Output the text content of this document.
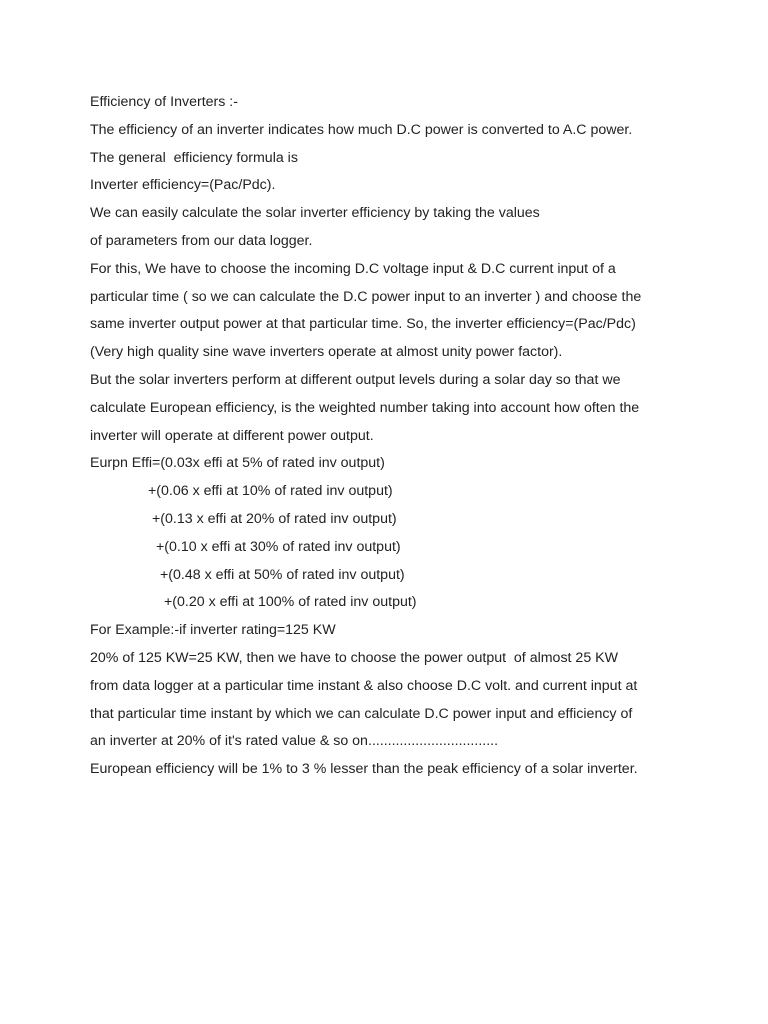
Efficiency of Inverters :-

The efficiency of an inverter indicates how much D.C power is converted to A.C power.

The general  efficiency formula is

Inverter efficiency=(Pac/Pdc).

We can easily calculate the solar inverter efficiency by taking the values

of parameters from our data logger.

For this, We have to choose the incoming D.C voltage input & D.C current input of a

particular time ( so we can calculate the D.C power input to an inverter ) and choose the

same inverter output power at that particular time. So, the inverter efficiency=(Pac/Pdc)

(Very high quality sine wave inverters operate at almost unity power factor).

But the solar inverters perform at different output levels during a solar day so that we

calculate European efficiency, is the weighted number taking into account how often the

inverter will operate at different power output.

Eurpn Effi=(0.03x effi at 5% of rated inv output)

+(0.06 x effi at 10% of rated inv output)

+(0.13 x effi at 20% of rated inv output)

+(0.10 x effi at 30% of rated inv output)

+(0.48 x effi at 50% of rated inv output)

+(0.20 x effi at 100% of rated inv output)

For Example:-if inverter rating=125 KW

20% of 125 KW=25 KW, then we have to choose the power output  of almost 25 KW

from data logger at a particular time instant & also choose D.C volt. and current input at

that particular time instant by which we can calculate D.C power input and efficiency of

an inverter at 20% of it's rated value & so on.................................

European efficiency will be 1% to 3 % lesser than the peak efficiency of a solar inverter.
